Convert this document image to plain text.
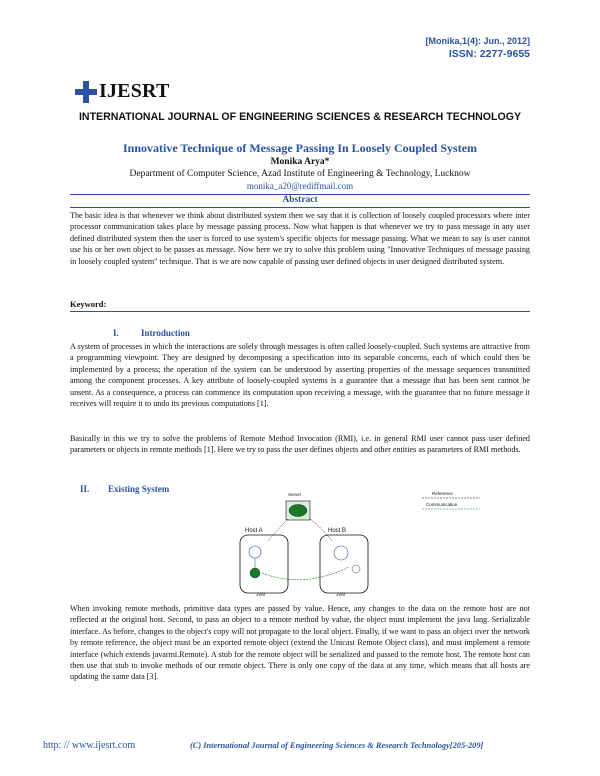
[Monika,1(4): Jun., 2012]
ISSN: 2277-9655
IJESRT
INTERNATIONAL JOURNAL OF ENGINEERING SCIENCES & RESEARCH TECHNOLOGY
Innovative Technique of Message Passing In Loosely Coupled System
Monika Arya*
Department of Computer Science, Azad Institute of Engineering & Technology, Lucknow
monika_a20@rediffmail.com
Abstract

The basic idea is that whenever we think about distributed system then we say that it is collection of loosely coupled processors where inter processor communication takes place by message passing process. Now what happen is that whenever we try to pass message in any user defined distributed system then the user is forced to use system's specific objects for message passing. What we mean to say is user cannot use his or her own object to be passes as message. Now here we try to solve this problem using "Innovative Techniques of message passing in loosely coupled system" technique. That is we are now capable of passing user defined objects in user designed distributed system.

Keyword:
I. Introduction

A system of processes in which the interactions are solely through messages is often called loosely-coupled. Such systems are attractive from a programming viewpoint. They are designed by decomposing a specification into its separable concerns, each of which could then be implemented by a process; the operation of the system can be understood by asserting properties of the message sequences transmitted among the component processes. A key attribute of loosely-coupled systems is a guarantee that a message that has been sent cannot be unsent. As a consequence, a process can commence its computation upon receiving a message, with the guarantee that no future message it receives will require it to undo its previous computations [1].

Basically in this we try to solve the problems of Remote Method Invocation (RMI), i.e. in general RMI user cannot pass user defined parameters or objects in remote methods [1]. Here we try to pass the user defines objects and other entities as parameters of RMI methods.

II. Existing System
Server
Host A
JVM
Host B
JVM
Reference
Communication

When invoking remote methods, primitive data types are passed by value. Hence, any changes to the data on the remote host are not reflected at the original host. Second, to pass an object to a remote method by value, the object must implement the java lang. Serializable interface. As before, changes to the object's copy will not propagate to the local object. Finally, if we want to pass an object over the network by remote reference, the object must be an exported remote object (extend the Unicast Remote Object class), and must implement a remote interface (which extends javarmi.Remote). A stub for the remote object will be serialized and passed to the remote host. The remote host can then use that stub to invoke methods of our remote object. There is only one copy of the data at any time, which means that all hosts are updating the same data [3].

http: // www.ijesrt.com	(C) International Journal of Engineering Sciences & Research Technology[205-209]
